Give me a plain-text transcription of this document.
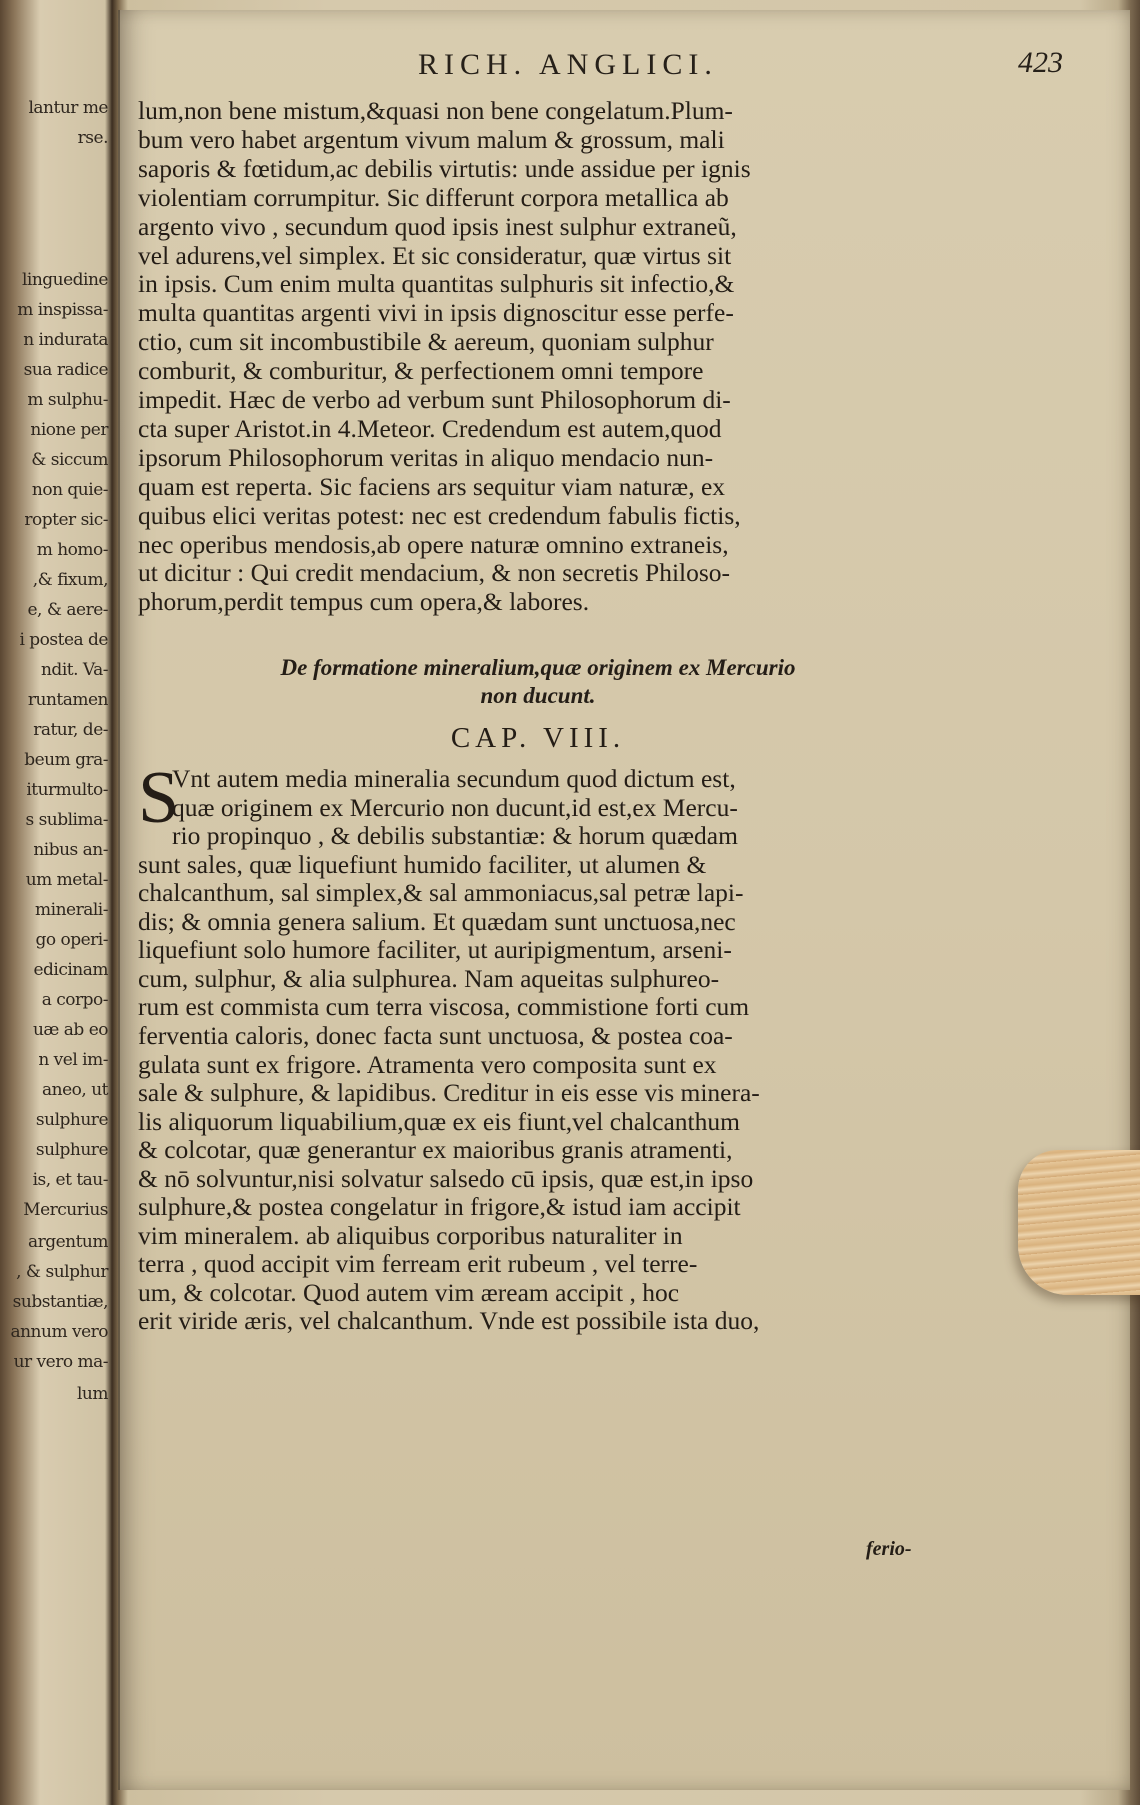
lantur me
rse.
linguedine
m inspissa-
n indurata
sua radice
m sulphu-
nione per
& siccum
non quie-
ropter sic-
m homo-
,& fixum,
e, & aere-
i postea de
ndit. Va-
runtamen
ratur, de-
beum gra-
iturmulto-
s sublima-
nibus an-
um metal-
minerali-
go operi-
edicinam
a corpo-
uæ ab eo
n vel im-
aneo, ut
sulphure
sulphure
is, et tau-
Mercurius
argentum
, & sulphur
substantiæ,
annum vero
ur vero ma-
lum
RICH. ANGLICI.	423
lum,non bene mistum,&quasi non bene congelatum.Plum-
bum vero habet argentum vivum malum & grossum, mali
saporis & fœtidum,ac debilis virtutis: unde assidue per ignis
violentiam corrumpitur. Sic differunt corpora metallica ab
argento vivo , secundum quod ipsis inest sulphur extraneũ,
vel adurens,vel simplex. Et sic consideratur, quæ virtus sit
in ipsis. Cum enim multa quantitas sulphuris sit infectio,&
multa quantitas argenti vivi in ipsis dignoscitur esse perfe-
ctio, cum sit incombustibile & aereum, quoniam sulphur
comburit, & comburitur, & perfectionem omni tempore
impedit. Hæc de verbo ad verbum sunt Philosophorum di-
cta super Aristot.in 4.Meteor. Credendum est autem,quod
ipsorum Philosophorum veritas in aliquo mendacio nun-
quam est reperta. Sic faciens ars sequitur viam naturæ, ex
quibus elici veritas potest: nec est credendum fabulis fictis,
nec operibus mendosis,ab opere naturæ omnino extraneis,
ut dicitur : Qui credit mendacium, & non secretis Philoso-
phorum,perdit tempus cum opera,& labores.
De formatione mineralium,quæ originem ex Mercurio
non ducunt.
CAP. VIII.
S
Vnt autem media mineralia secundum quod dictum est,
quæ originem ex Mercurio non ducunt,id est,ex Mercu-
rio propinquo , & debilis substantiæ: & horum quædam
sunt sales, quæ liquefiunt humido faciliter, ut alumen &
chalcanthum, sal simplex,& sal ammoniacus,sal petræ lapi-
dis; & omnia genera salium. Et quædam sunt unctuosa,nec
liquefiunt solo humore faciliter, ut auripigmentum, arseni-
cum, sulphur, & alia sulphurea. Nam aqueitas sulphureo-
rum est commista cum terra viscosa, commistione forti cum
ferventia caloris, donec facta sunt unctuosa, & postea coa-
gulata sunt ex frigore. Atramenta vero composita sunt ex
sale & sulphure, & lapidibus. Creditur in eis esse vis minera-
lis aliquorum liquabilium,quæ ex eis fiunt,vel chalcanthum
& colcotar, quæ generantur ex maioribus granis atramenti,
& nō solvuntur,nisi solvatur salsedo cū ipsis, quæ est,in ipso
sulphure,& postea congelatur in frigore,& istud iam accipit
vim mineralem. ab aliquibus corporibus naturaliter in
terra , quod accipit vim ferream erit rubeum , vel terre-
um, & colcotar. Quod autem vim æream accipit , hoc
erit viride æris, vel chalcanthum. Vnde est possibile ista duo,
ferio-
